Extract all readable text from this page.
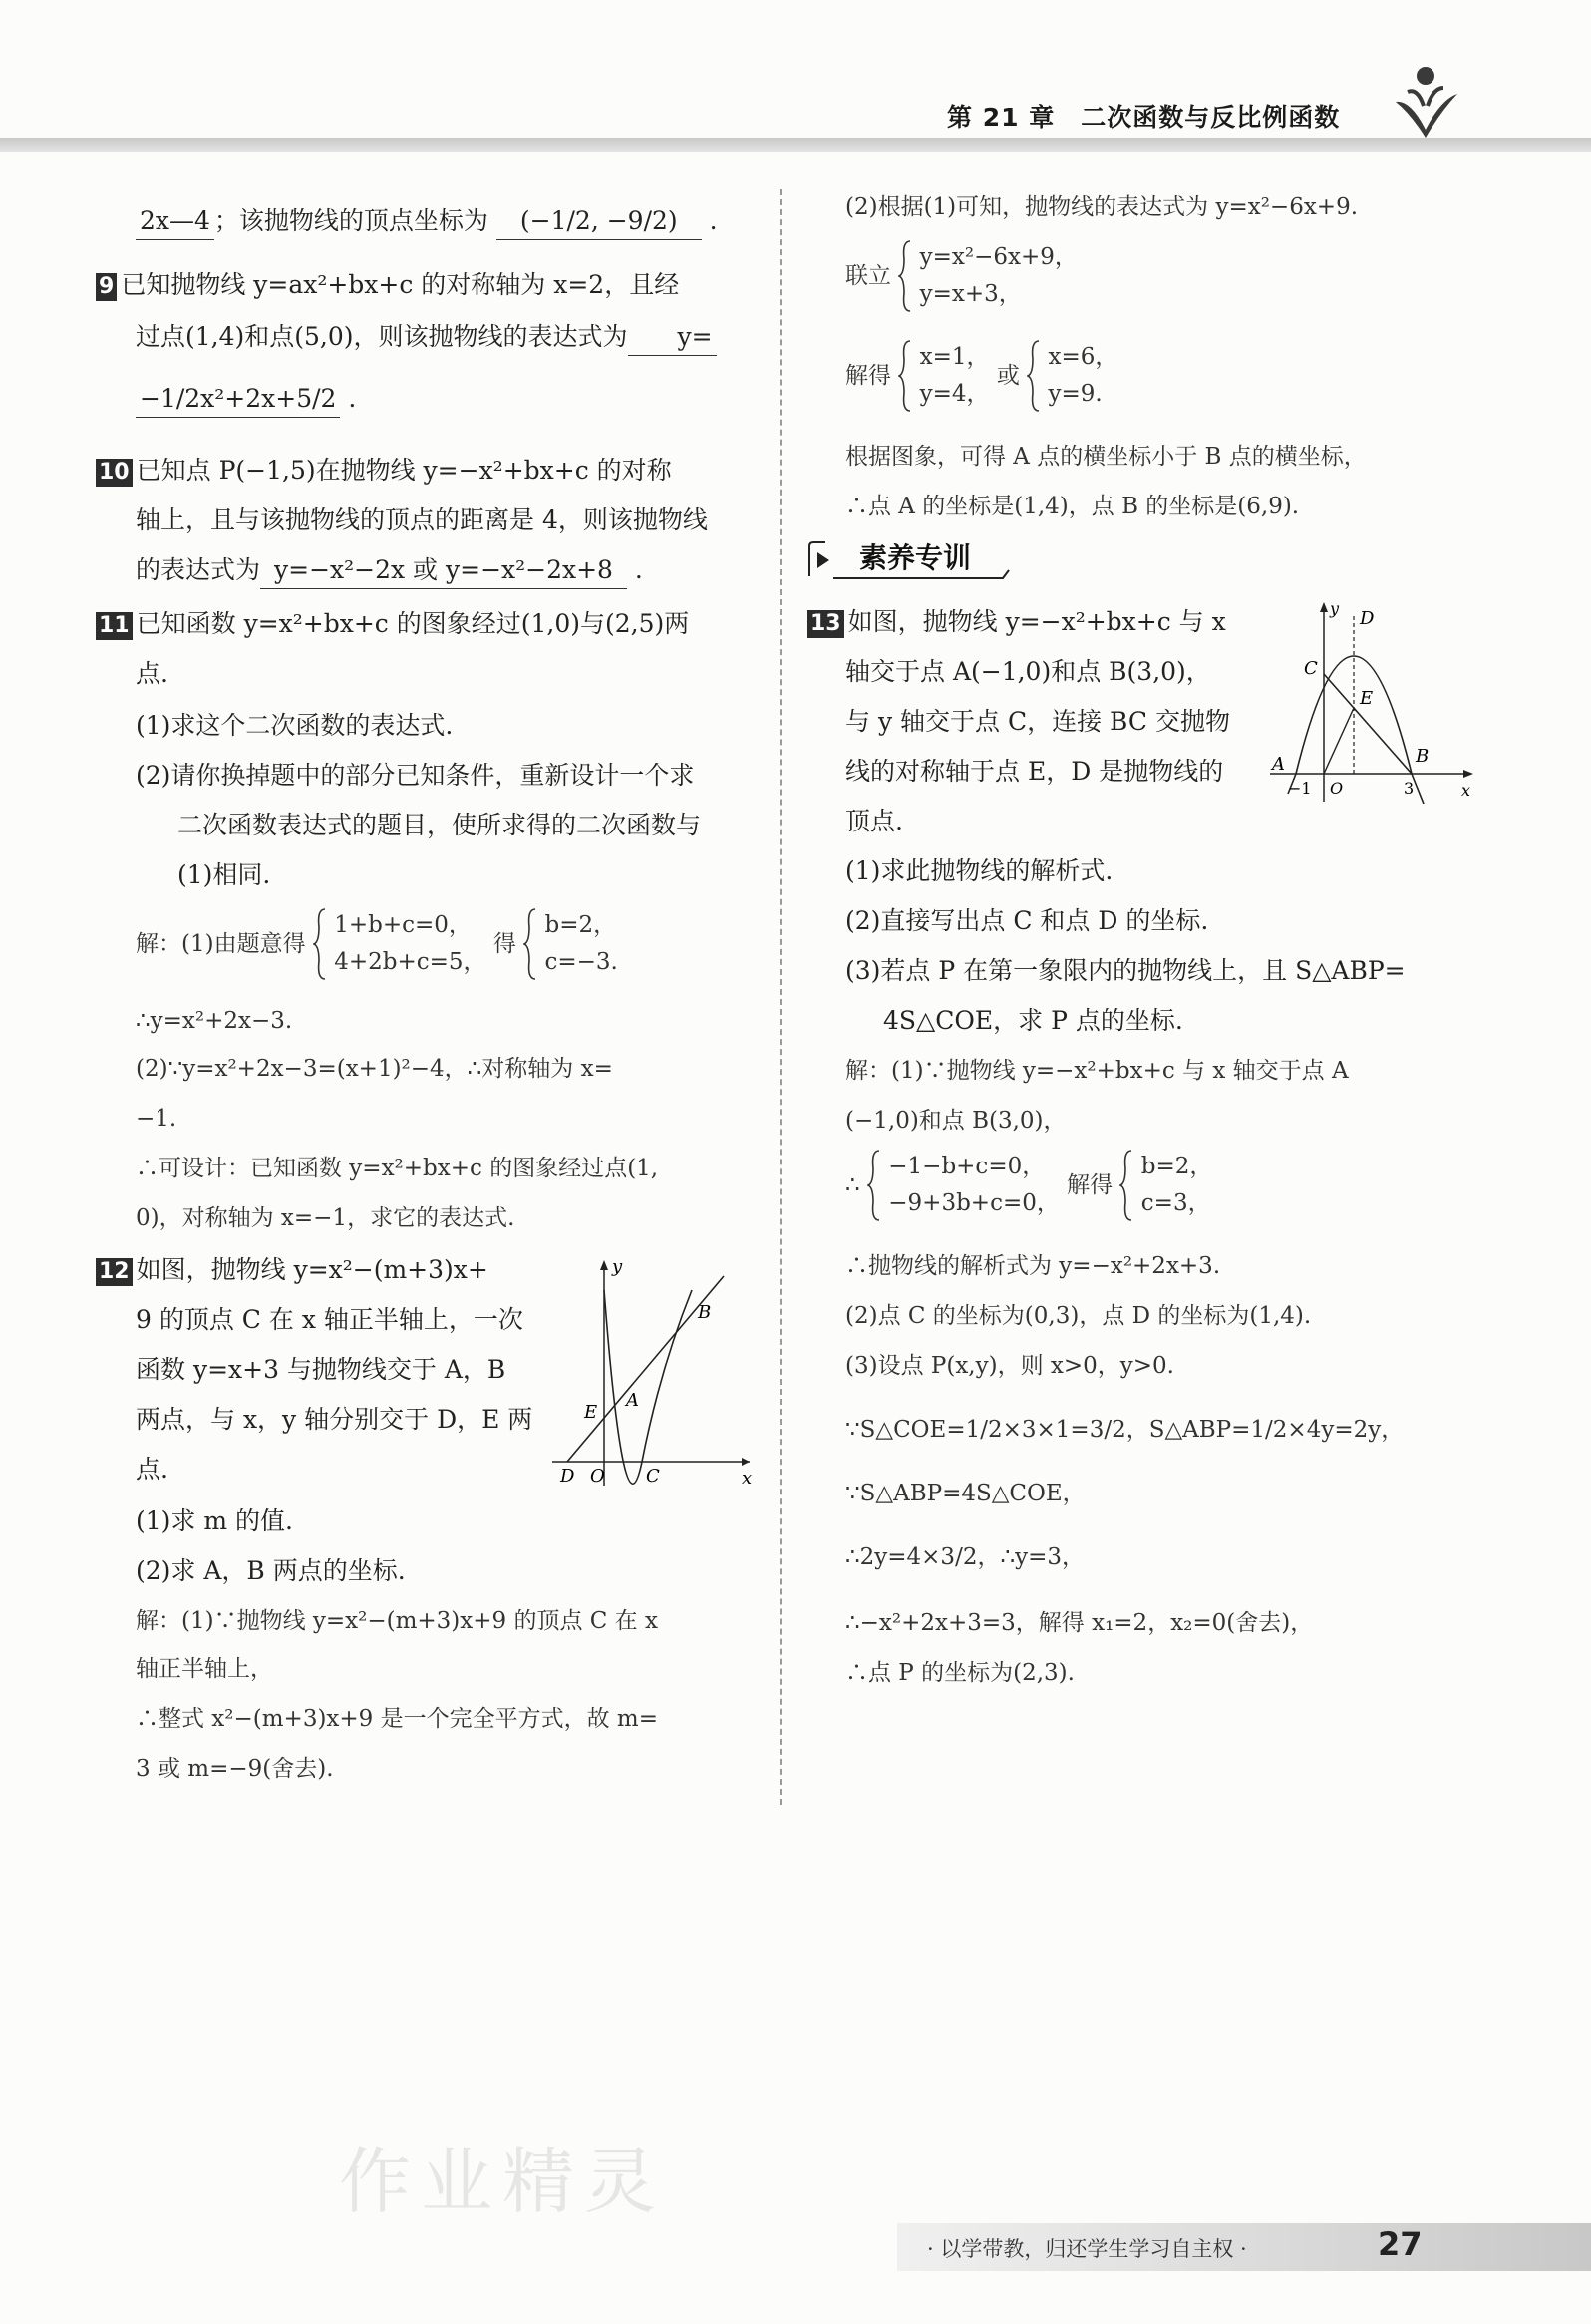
第 21 章　二次函数与反比例函数
2x—4 ；该抛物线的顶点坐标为 (−1/2, −9/2) .
9 已知抛物线 y=ax²+bx+c 的对称轴为 x=2，且经
过点(1,4)和点(5,0)，则该抛物线的表达式为 y=
−1/2x²+2x+5/2 .
10 已知点 P(−1,5)在抛物线 y=−x²+bx+c 的对称
轴上，且与该抛物线的顶点的距离是 4，则该抛物线
的表达式为 y=−x²−2x 或 y=−x²−2x+8 .
11 已知函数 y=x²+bx+c 的图象经过(1,0)与(2,5)两
点.
(1)求这个二次函数的表达式.
(2)请你换掉题中的部分已知条件，重新设计一个求
二次函数表达式的题目，使所求得的二次函数与
(1)相同.
解：(1)由题意得
1+b+c=0，
4+2b+c=5，
得
b=2，
c=−3.
∴y=x²+2x−3.
(2)∵y=x²+2x−3=(x+1)²−4，∴对称轴为 x=
−1.
∴可设计：已知函数 y=x²+bx+c 的图象经过点(1,
0)，对称轴为 x=−1，求它的表达式.
12 如图，抛物线 y=x²−(m+3)x+
9 的顶点 C 在 x 轴正半轴上，一次
函数 y=x+3 与抛物线交于 A，B
两点，与 x，y 轴分别交于 D，E 两
点.
y
x
B
A
E
D O C
(1)求 m 的值.
(2)求 A，B 两点的坐标.
解：(1)∵抛物线 y=x²−(m+3)x+9 的顶点 C 在 x
轴正半轴上，
∴整式 x²−(m+3)x+9 是一个完全平方式，故 m=
3 或 m=−9(舍去).
(2)根据(1)可知，抛物线的表达式为 y=x²−6x+9.
联立
y=x²−6x+9，
y=x+3，
解得
x=1，
y=4，
或
x=6，
y=9.
根据图象，可得 A 点的横坐标小于 B 点的横坐标，
∴点 A 的坐标是(1,4)，点 B 的坐标是(6,9).
素养专训
13 如图，抛物线 y=−x²+bx+c 与 x
轴交于点 A(−1,0)和点 B(3,0)，
与 y 轴交于点 C，连接 BC 交抛物
线的对称轴于点 E，D 是抛物线的
顶点.
y D
C
E
A	B
−1 O	3	x
(1)求此抛物线的解析式.
(2)直接写出点 C 和点 D 的坐标.
(3)若点 P 在第一象限内的抛物线上，且 S△ABP=
4S△COE，求 P 点的坐标.
解：(1)∵抛物线 y=−x²+bx+c 与 x 轴交于点 A
(−1,0)和点 B(3,0)，
∴
−1−b+c=0，
−9+3b+c=0，
解得
b=2，
c=3，
∴抛物线的解析式为 y=−x²+2x+3.
(2)点 C 的坐标为(0,3)，点 D 的坐标为(1,4).
(3)设点 P(x,y)，则 x>0，y>0.
∵S△COE=1/2×3×1=3/2，S△ABP=1/2×4y=2y，
∵S△ABP=4S△COE，
∴2y=4×3/2，∴y=3，
∴−x²+2x+3=3，解得 x₁=2，x₂=0(舍去)，
∴点 P 的坐标为(2,3).
作业精灵
· 以学带教，归还学生学习自主权 ·	27
